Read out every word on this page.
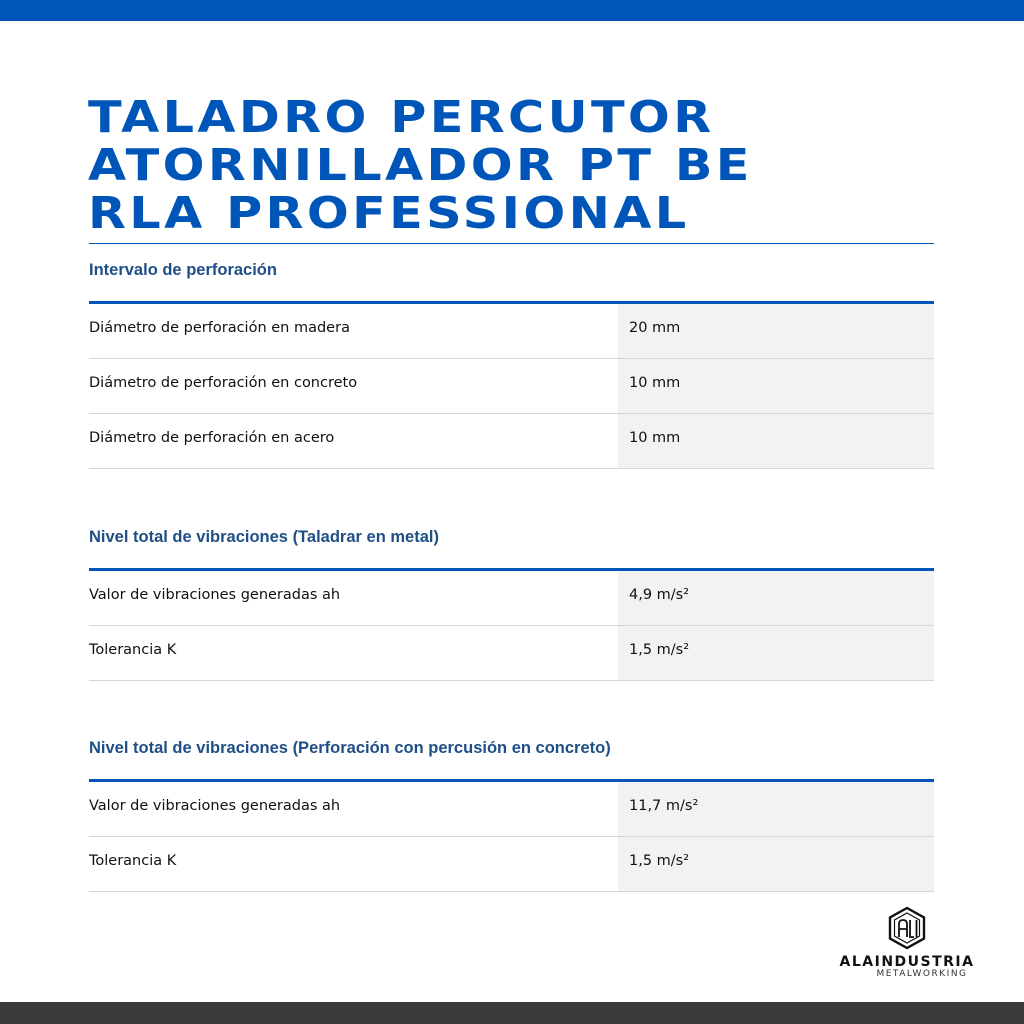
TALADRO PERCUTOR
ATORNILLADOR PT BE
RLA PROFESSIONAL
Intervalo de perforación
Diámetro de perforación en madera	20 mm
Diámetro de perforación en concreto	10 mm
Diámetro de perforación en acero	10 mm
Nivel total de vibraciones (Taladrar en metal)
Valor de vibraciones generadas ah	4,9 m/s²
Tolerancia K	1,5 m/s²
Nivel total de vibraciones (Perforación con percusión en concreto)
Valor de vibraciones generadas ah	11,7 m/s²
Tolerancia K	1,5 m/s²
ALAINDUSTRIA
METALWORKING
